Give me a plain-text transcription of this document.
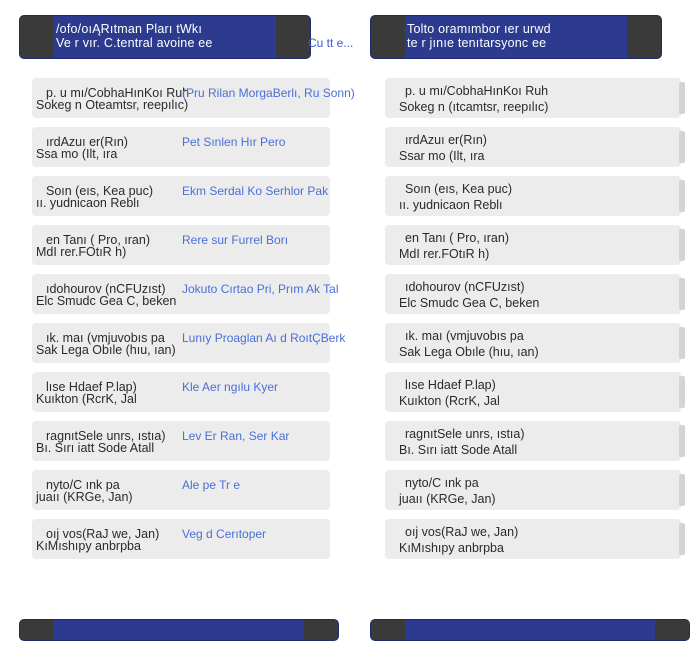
/ofo/oıĄRıtman Pları tWkı
Ve r vır. C.tentral avoine ee	Cu tt e...
p. u mı/CobhaHınKoı Ruh
Sokeg n Oteamtsr, reepılıc)
(Pru Rilan MorgaBerlı, Ru Sonn)
ırdAzuı er(Rın)
Ssa mo (Ilt, ıra
Pet Sınlen Hır Pero
Soın (eıs, Kea puc)
ıı. yudnicaon Reblı
Ekm Serdal Ko Serhlor Pak
en Tanı ( Pro, ıran)
MdI rer.FOtıR h)
Rere sur Furrel Borı
ıdohourov (nCFUzıst)
Elc Smudc Gea C, beken
Jokuto Cırtao Pri, Prım Ak Tal
ık. maı (vmjuvobıs pa
Sak Lega Obıle (hıu, ıan)
Lunıy Proaglan Aı d RoıtÇBerk
lıse Hdaef P.lap)
Kuıkton (RcrK, Jal
Kle Aer ngılu Kyer
ragnıtSele unrs, ıstıa)
Bı. Sırı iatt Sode Atall
Lev Er Ran, Ser Kar
nyto/C ınk pa
juaıı (KRGe, Jan)
Ale pe Tr e
oıj vos(RaJ we, Jan)
KıMıshıpy anbrpba
Veg d Cerıtoper
Tolto oramımbor ıer urwd
te r jınıe tenıtarsyonc ee
p. u mı/CobhaHınKoı Ruh
Sokeg n (ıtcamtsr, reepılıc)
ırdAzuı er(Rın)
Ssar mo (Ilt, ıra
Soın (eıs, Kea puc)
ıı. yudnicaon Reblı
en Tanı ( Pro, ıran)
MdI rer.FOtıR h)
ıdohourov (nCFUzıst)
Elc Smudc Gea C, beken
ık. maı (vmjuvobıs pa
Sak Lega Obıle (hıu, ıan)
lıse Hdaef P.lap)
Kuıkton (RcrK, Jal
ragnıtSele unrs, ıstıa)
Bı. Sırı iatt Sode Atall
nyto/C ınk pa
juaıı (KRGe, Jan)
oıj vos(RaJ we, Jan)
KıMıshıpy anbrpba
